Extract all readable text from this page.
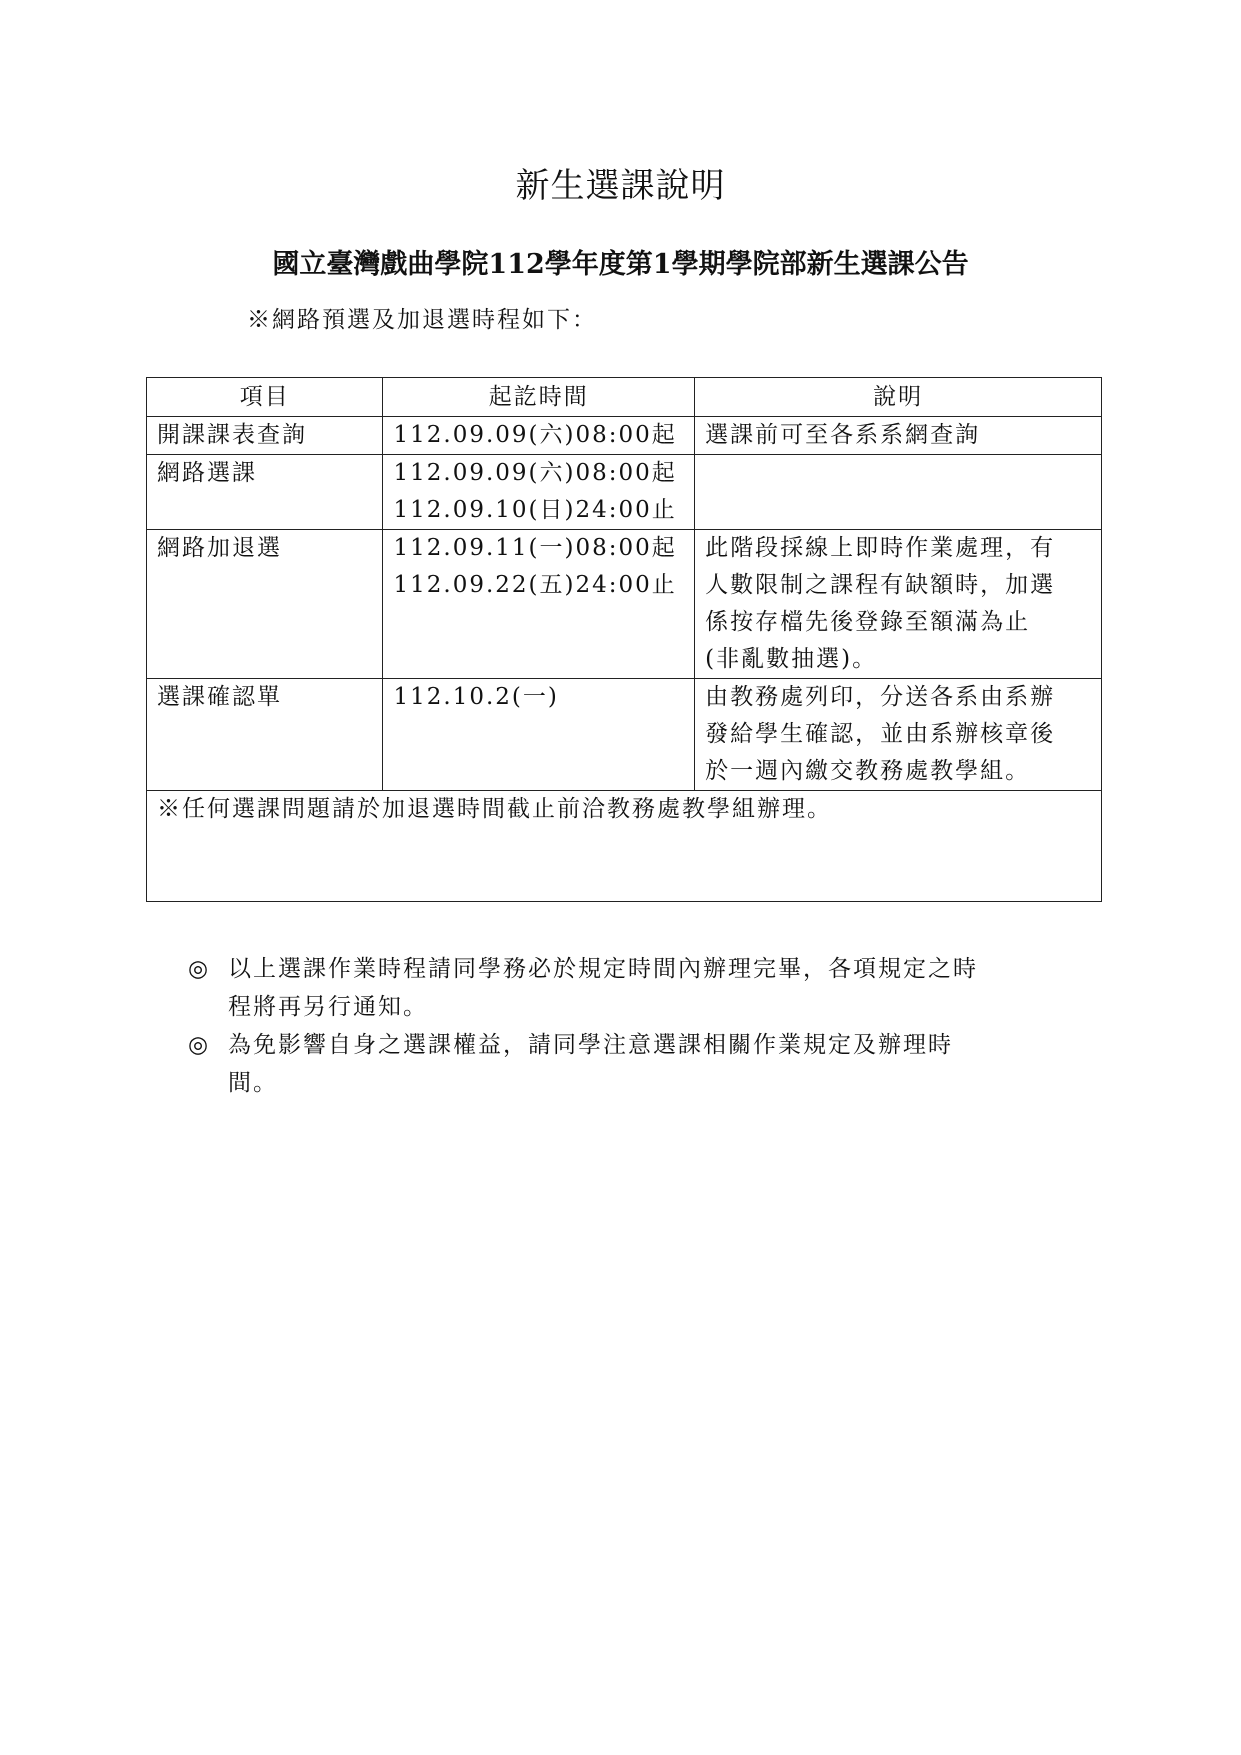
新生選課說明
國立臺灣戲曲學院112學年度第1學期學院部新生選課公告
※網路預選及加退選時程如下：
項目	起訖時間	說明
開課課表查詢	112.09.09(六)08:00起	選課前可至各系系網查詢

網路選課	112.09.09(六)08:00起
112.09.10(日)24:00止	

網路加退選	112.09.11(一)08:00起
112.09.22(五)24:00止	此階段採線上即時作業處理，有
人數限制之課程有缺額時，加選
係按存檔先後登錄至額滿為止
(非亂數抽選)。

選課確認單	112.10.2(一)	由教務處列印，分送各系由系辦
發給學生確認，並由系辦核章後
於一週內繳交教務處教學組。

※任何選課問題請於加退選時間截止前洽教務處教學組辦理。		
◎ 以上選課作業時程請同學務必於規定時間內辦理完畢，各項規定之時
程將再另行通知。
◎ 為免影響自身之選課權益，請同學注意選課相關作業規定及辦理時
間。
